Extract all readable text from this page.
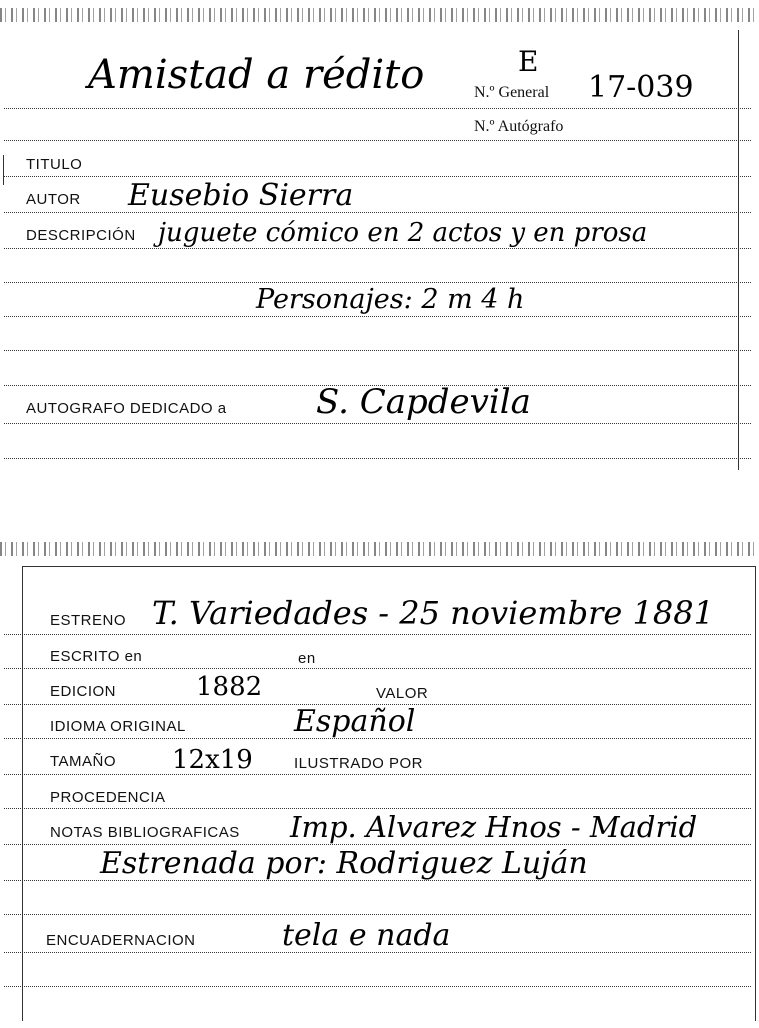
Amistad a rédito	E
N.º General 17-039
N.º Autógrafo
TITULO
AUTOR Eusebio Sierra
DESCRIPCIÓN juguete cómico en 2 actos y en prosa
Personajes: 2 m 4 h
AUTOGRAFO DEDICADO a	S. Capdevila
ESTRENO T. Variedades - 25 noviembre 1881
ESCRITO en	en
EDICION	1882	VALOR
IDIOMA ORIGINAL	Español
TAMAÑO 12x19	ILUSTRADO POR
PROCEDENCIA
NOTAS BIBLIOGRAFICAS Imp. Alvarez Hnos - Madrid
Estrenada por: Rodriguez Luján
ENCUADERNACION	tela e nada
